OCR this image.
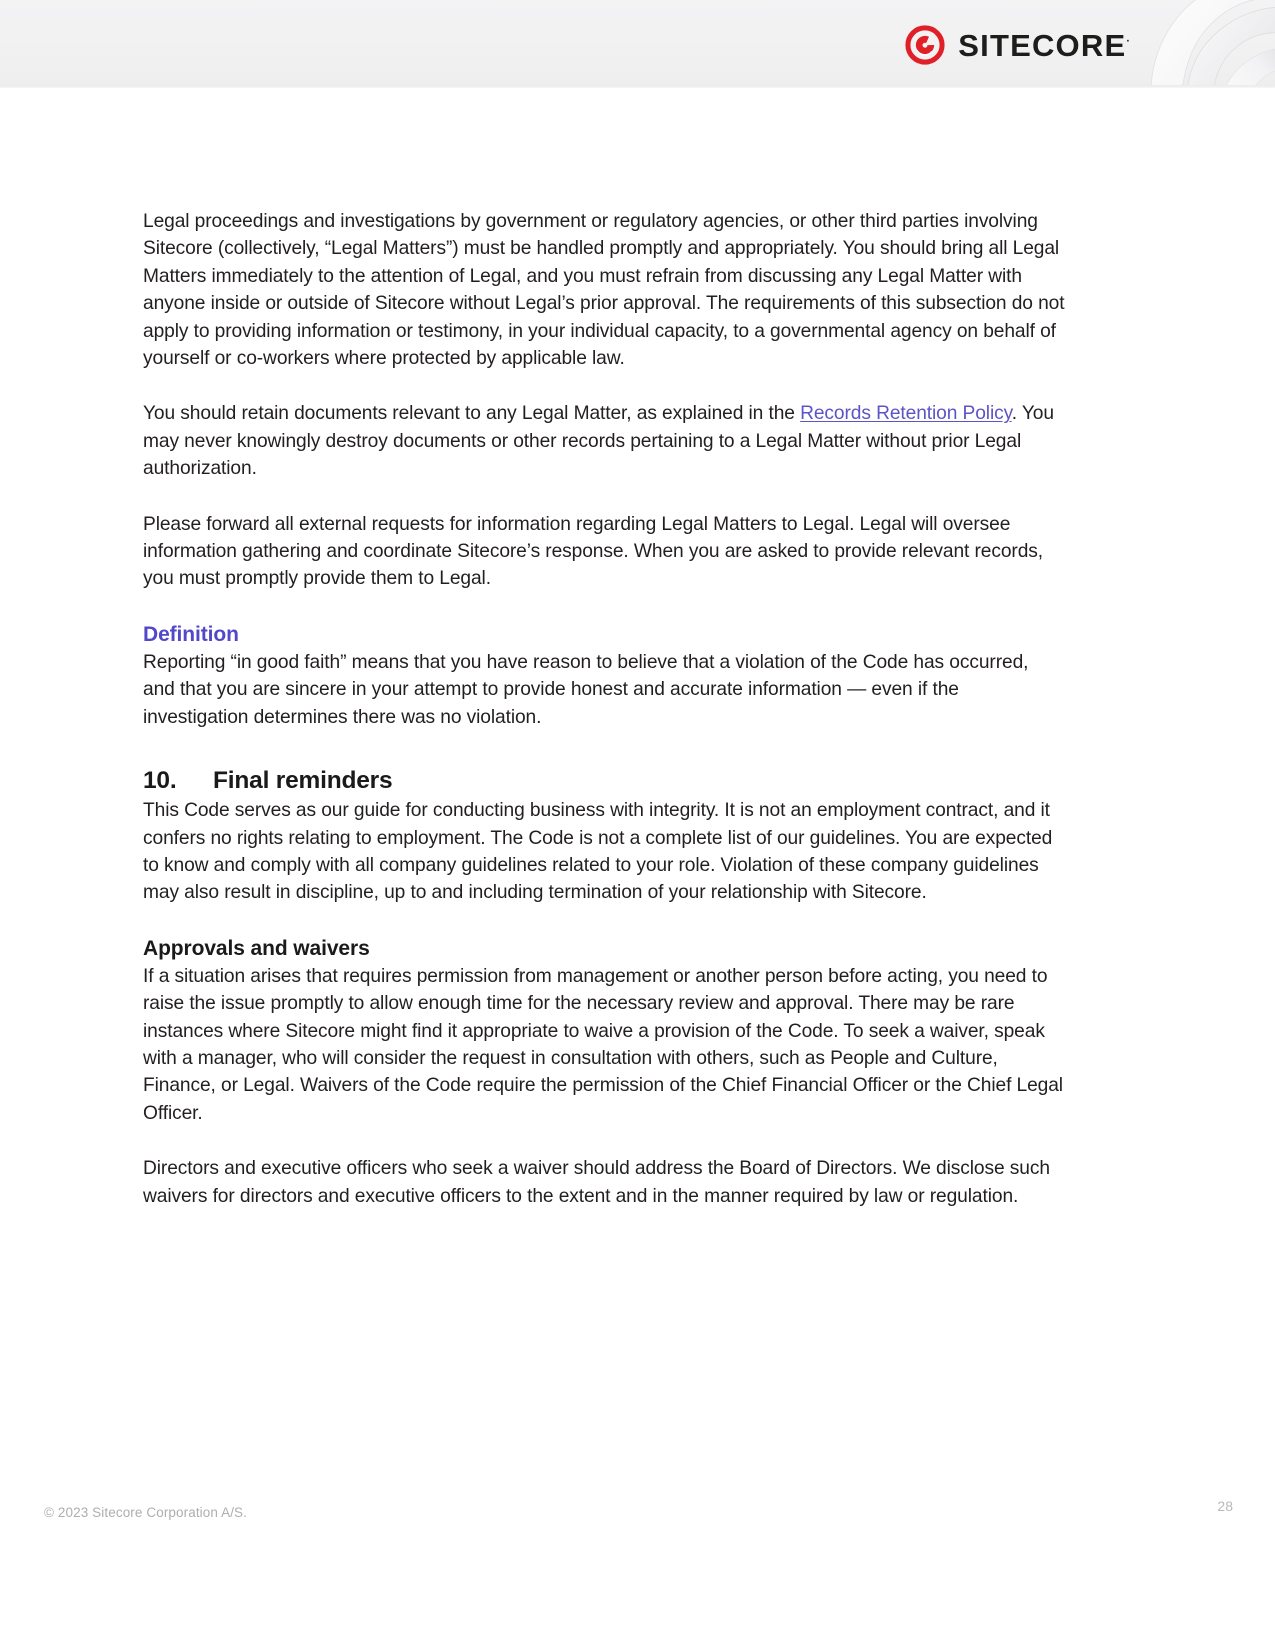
SITECORE·

Legal proceedings and investigations by government or regulatory agencies, or other third parties involving Sitecore (collectively, “Legal Matters”) must be handled promptly and appropriately. You should bring all Legal Matters immediately to the attention of Legal, and you must refrain from discussing any Legal Matter with anyone inside or outside of Sitecore without Legal’s prior approval. The requirements of this subsection do not apply to providing information or testimony, in your individual capacity, to a governmental agency on behalf of yourself or co-workers where protected by applicable law.

You should retain documents relevant to any Legal Matter, as explained in the Records Retention Policy. You may never knowingly destroy documents or other records pertaining to a Legal Matter without prior Legal authorization.

Please forward all external requests for information regarding Legal Matters to Legal. Legal will oversee information gathering and coordinate Sitecore’s response. When you are asked to provide relevant records, you must promptly provide them to Legal.

Definition

Reporting “in good faith” means that you have reason to believe that a violation of the Code has occurred, and that you are sincere in your attempt to provide honest and accurate information — even if the investigation determines there was no violation.

10.	Final reminders

This Code serves as our guide for conducting business with integrity. It is not an employment contract, and it confers no rights relating to employment. The Code is not a complete list of our guidelines. You are expected to know and comply with all company guidelines related to your role. Violation of these company guidelines may also result in discipline, up to and including termination of your relationship with Sitecore.

Approvals and waivers

If a situation arises that requires permission from management or another person before acting, you need to raise the issue promptly to allow enough time for the necessary review and approval. There may be rare instances where Sitecore might find it appropriate to waive a provision of the Code. To seek a waiver, speak with a manager, who will consider the request in consultation with others, such as People and Culture, Finance, or Legal. Waivers of the Code require the permission of the Chief Financial Officer or the Chief Legal Officer.

Directors and executive officers who seek a waiver should address the Board of Directors. We disclose such waivers for directors and executive officers to the extent and in the manner required by law or regulation.

© 2023 Sitecore Corporation A/S.	28
